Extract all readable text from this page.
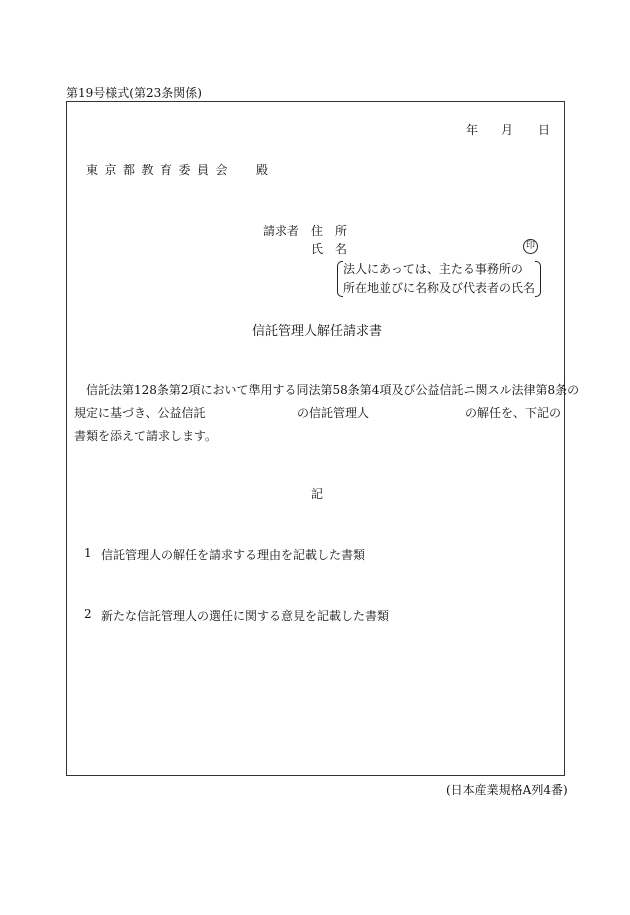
第19号様式(第23条関係)
年 月 日
東京都教育委員会 殿
請求者 住　所
氏　名	印
法人にあっては、主たる事務所の
所在地並びに名称及び代表者の氏名
信託管理人解任請求書
信託法第128条第2項において準用する同法第58条第4項及び公益信託ニ関スル法律第8条の
規定に基づき、公益信託	の信託管理人	の解任を、下記の
書類を添えて請求します。
記
1 信託管理人の解任を請求する理由を記載した書類
2 新たな信託管理人の選任に関する意見を記載した書類
(日本産業規格A列4番)
